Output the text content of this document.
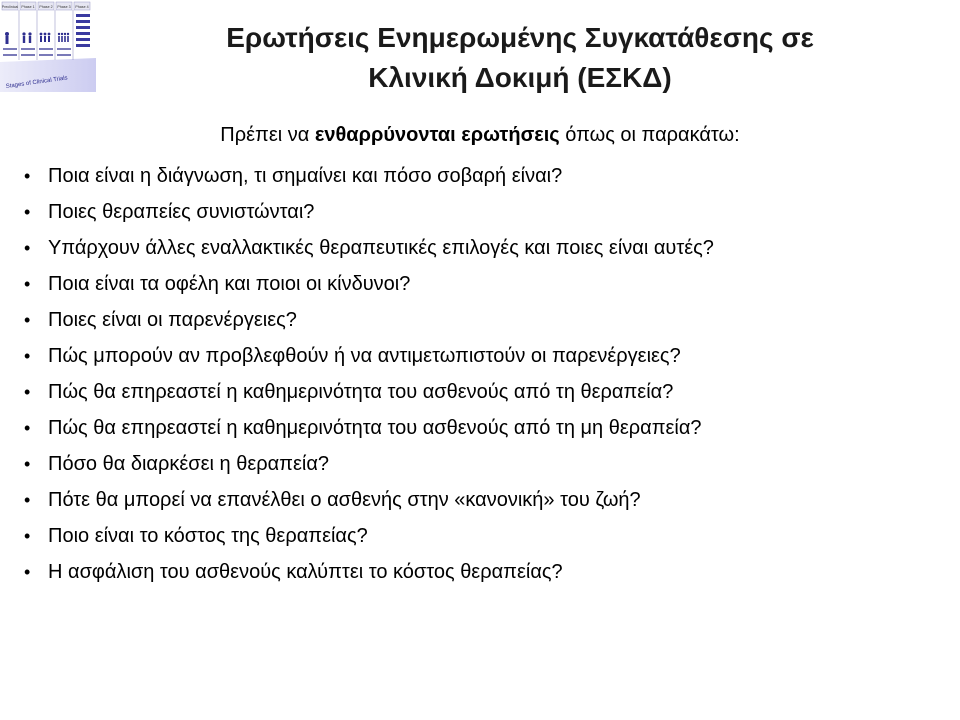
Preclinical Phase 1 Phase 2 Phase 3 Phase 4
Stages of Clinical Trials
Ερωτήσεις Ενημερωμένης Συγκατάθεσης σε
Κλινική Δοκιμή (ΕΣΚΔ)
Πρέπει να ενθαρρύνονται ερωτήσεις όπως οι παρακάτω:
• Ποια είναι η διάγνωση, τι σημαίνει και πόσο σοβαρή είναι?
• Ποιες θεραπείες συνιστώνται?
• Υπάρχουν άλλες εναλλακτικές θεραπευτικές επιλογές και ποιες είναι αυτές?
• Ποια είναι τα οφέλη και ποιοι οι κίνδυνοι?
• Ποιες είναι οι παρενέργειες?
• Πώς μπορούν αν προβλεφθούν ή να αντιμετωπιστούν οι παρενέργειες?
• Πώς θα επηρεαστεί η καθημερινότητα του ασθενούς από τη θεραπεία?
• Πώς θα επηρεαστεί η καθημερινότητα του ασθενούς από τη μη θεραπεία?
• Πόσο θα διαρκέσει η θεραπεία?
• Πότε θα μπορεί να επανέλθει ο ασθενής στην «κανονική» του ζωή?
• Ποιο είναι το κόστος της θεραπείας?
• Η ασφάλιση του ασθενούς καλύπτει το κόστος θεραπείας?
